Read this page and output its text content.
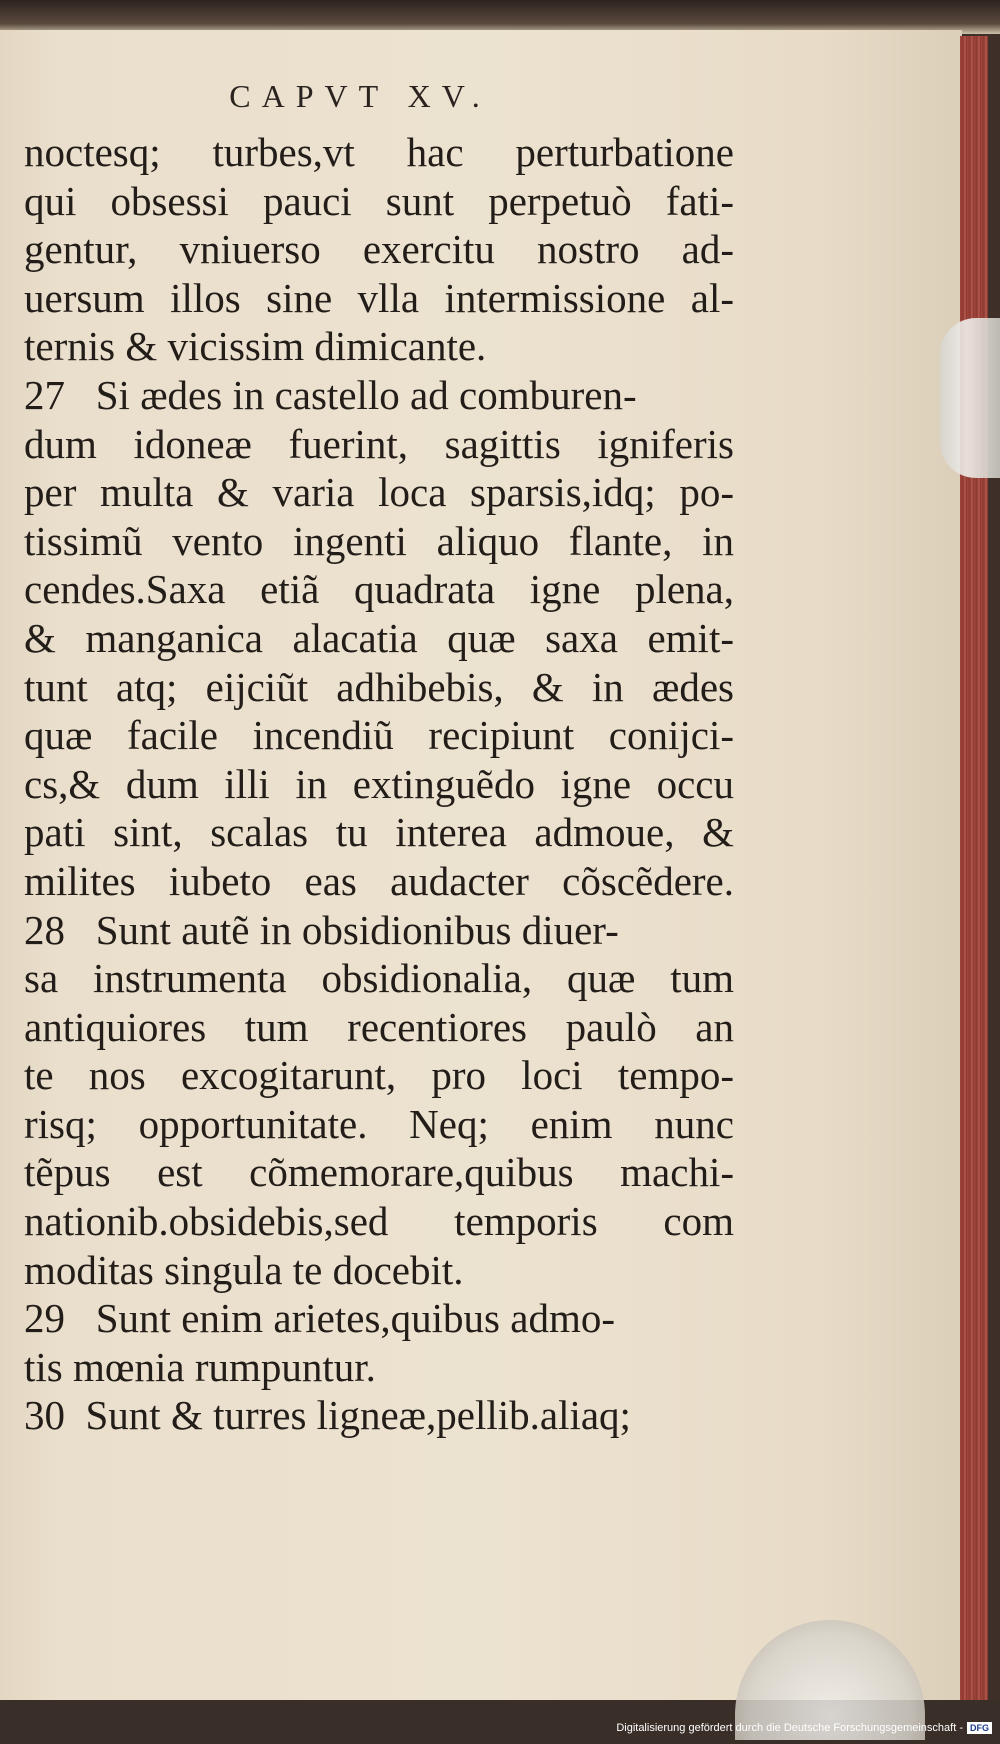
CAPVT XV.
noctesq; turbes,vt hac perturbatione
qui obsessi pauci sunt perpetuò fati-
gentur, vniuerso exercitu nostro ad-
uersum illos sine vlla intermissione al-
ternis & vicissim dimicante.
27   Si ædes in castello ad comburen-
dum idoneæ fuerint, sagittis igniferis
per multa & varia loca sparsis,idq; po-
tissimũ vento ingenti aliquo flante, in
cendes.Saxa etiã quadrata igne plena,
& manganica alacatia quæ saxa emit-
tunt atq; eijciũt adhibebis, & in ædes
quæ facile incendiũ recipiunt conijci-
cs,& dum illi in extinguẽdo igne occu
pati sint, scalas tu interea admoue, &
milites iubeto eas audacter cõscẽdere.
28   Sunt autẽ in obsidionibus diuer-
sa instrumenta obsidionalia, quæ tum
antiquiores tum recentiores paulò an
te nos excogitarunt, pro loci tempo-
risq; opportunitate. Neq; enim nunc
tẽpus est cõmemorare,quibus machi-
nationib.obsidebis,sed temporis com
moditas singula te docebit.
29   Sunt enim arietes,quibus admo-
tis mœnia rumpuntur.
30  Sunt & turres ligneæ,pellib.aliaq;
Digitalisierung gefördert durch die Deutsche Forschungsgemeinschaft - DFG
